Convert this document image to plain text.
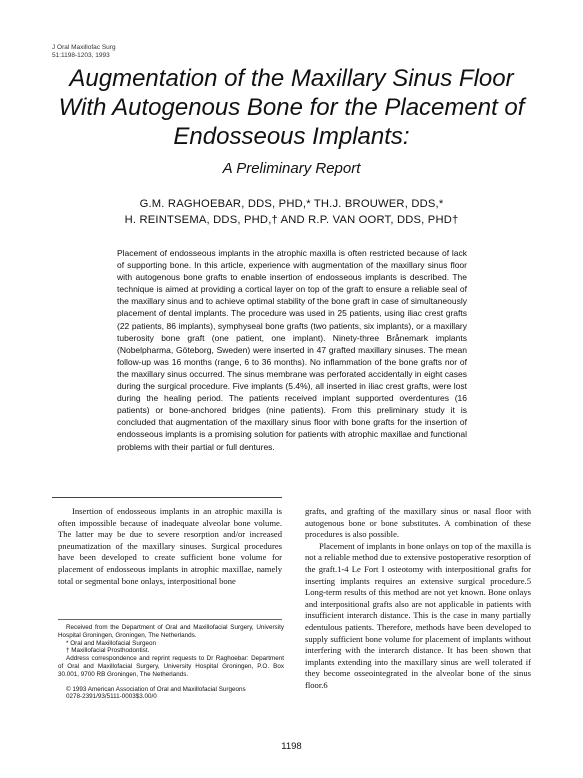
J Oral Maxillofac Surg
51:1198-1203, 1993
Augmentation of the Maxillary Sinus Floor
With Autogenous Bone for the Placement of
Endosseous Implants:
A Preliminary Report
G.M. RAGHOEBAR, DDS, PHD,* TH.J. BROUWER, DDS,*
H. REINTSEMA, DDS, PHD,† AND R.P. VAN OORT, DDS, PHD†

Placement of endosseous implants in the atrophic maxilla is often restricted because of lack of supporting bone. In this article, experience with augmentation of the maxillary sinus floor with autogenous bone grafts to enable insertion of endosseous implants is described. The technique is aimed at providing a cortical layer on top of the graft to ensure a reliable seal of the maxillary sinus and to achieve optimal stability of the bone graft in case of simultaneously placement of dental implants. The procedure was used in 25 patients, using iliac crest grafts (22 patients, 86 implants), symphyseal bone grafts (two patients, six implants), or a maxillary tuberosity bone graft (one patient, one implant). Ninety-three Brånemark implants (Nobelpharma, Göteborg, Sweden) were inserted in 47 grafted maxillary sinuses. The mean follow-up was 16 months (range, 6 to 36 months). No inflammation of the bone grafts nor of the maxillary sinus occurred. The sinus membrane was perforated accidentally in eight cases during the surgical procedure. Five implants (5.4%), all inserted in iliac crest grafts, were lost during the healing period. The patients received implant supported overdentures (16 patients) or bone-anchored bridges (nine patients). From this preliminary study it is concluded that augmentation of the maxillary sinus floor with bone grafts for the insertion of endosseous implants is a promising solution for patients with atrophic maxillae and functional problems with their partial or full dentures.

Insertion of endosseous implants in an atrophic maxilla is often impossible because of inadequate alveolar bone volume. The latter may be due to severe resorption and/or increased pneumatization of the maxillary sinuses. Surgical procedures have been developed to create sufficient bone volume for placement of endosseous implants in atrophic maxillae, namely total or segmental bone onlays, interpositional bone

Received from the Department of Oral and Maxillofacial Surgery, University Hospital Groningen, Groningen, The Netherlands.

* Oral and Maxillofacial Surgeon

† Maxillofacial Prosthodontist.

Address correspondence and reprint requests to Dr Raghoebar: Department of Oral and Maxillofacial Surgery, University Hospital Groningen, P.O. Box 30.001, 9700 RB Groningen, The Netherlands.

© 1993 American Association of Oral and Maxillofacial Surgeons

0278-2391/93/5111-0003$3.00/0

grafts, and grafting of the maxillary sinus or nasal floor with autogenous bone or bone substitutes. A combination of these procedures is also possible.

Placement of implants in bone onlays on top of the maxilla is not a reliable method due to extensive postoperative resorption of the graft.1-4 Le Fort I osteotomy with interpositional grafts for inserting implants requires an extensive surgical procedure.5 Long-term results of this method are not yet known. Bone onlays and interpositional grafts also are not applicable in patients with insufficient interarch distance. This is the case in many partially edentulous patients. Therefore, methods have been developed to supply sufficient bone volume for placement of implants without interfering with the interarch distance. It has been shown that implants extending into the maxillary sinus are well tolerated if they become osseointegrated in the alveolar bone of the sinus floor.6

1198
